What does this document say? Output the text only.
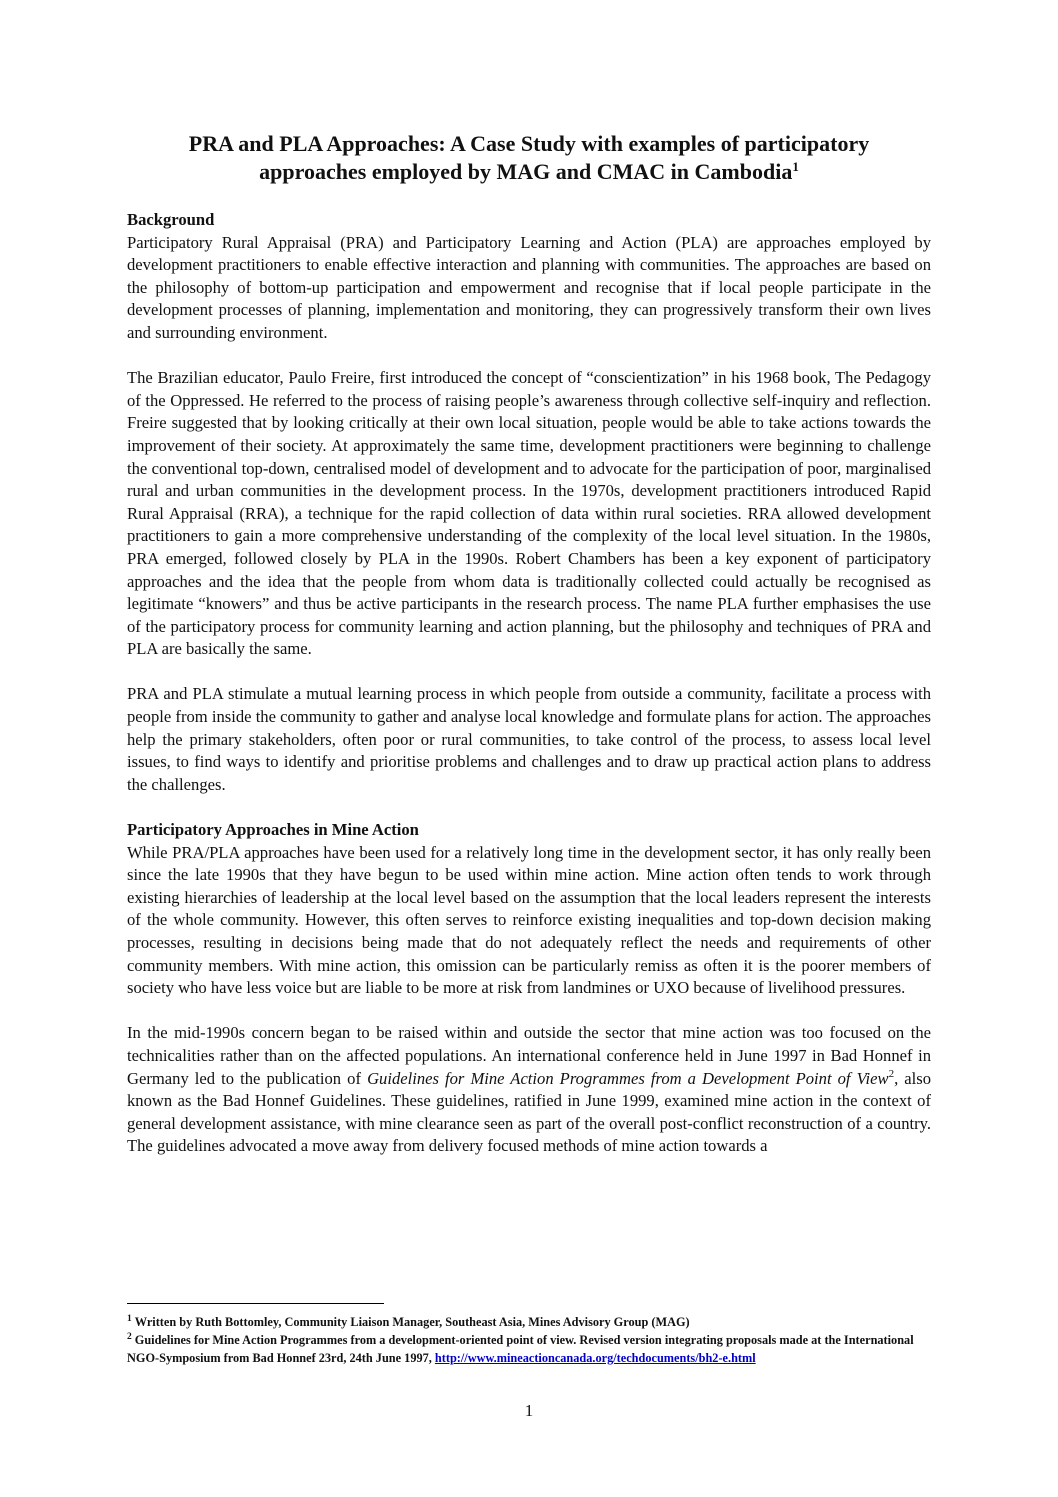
PRA and PLA Approaches: A Case Study with examples of participatory
approaches employed by MAG and CMAC in Cambodia$^1$
Background

Participatory Rural Appraisal (PRA) and Participatory Learning and Action (PLA) are approaches employed by development practitioners to enable effective interaction and planning with communities. The approaches are based on the philosophy of bottom-up participation and empowerment and recognise that if local people participate in the development processes of planning, implementation and monitoring, they can progressively transform their own lives and surrounding environment.

The Brazilian educator, Paulo Freire, first introduced the concept of “conscientization” in his 1968 book, The Pedagogy of the Oppressed. He referred to the process of raising people’s awareness through collective self-inquiry and reflection. Freire suggested that by looking critically at their own local situation, people would be able to take actions towards the improvement of their society. At approximately the same time, development practitioners were beginning to challenge the conventional top-down, centralised model of development and to advocate for the participation of poor, marginalised rural and urban communities in the development process. In the 1970s, development practitioners introduced Rapid Rural Appraisal (RRA), a technique for the rapid collection of data within rural societies. RRA allowed development practitioners to gain a more comprehensive understanding of the complexity of the local level situation. In the 1980s, PRA emerged, followed closely by PLA in the 1990s. Robert Chambers has been a key exponent of participatory approaches and the idea that the people from whom data is traditionally collected could actually be recognised as legitimate “knowers” and thus be active participants in the research process. The name PLA further emphasises the use of the participatory process for community learning and action planning, but the philosophy and techniques of PRA and PLA are basically the same.

PRA and PLA stimulate a mutual learning process in which people from outside a community, facilitate a process with people from inside the community to gather and analyse local knowledge and formulate plans for action. The approaches help the primary stakeholders, often poor or rural communities, to take control of the process, to assess local level issues, to find ways to identify and prioritise problems and challenges and to draw up practical action plans to address the challenges.

Participatory Approaches in Mine Action

While PRA/PLA approaches have been used for a relatively long time in the development sector, it has only really been since the late 1990s that they have begun to be used within mine action. Mine action often tends to work through existing hierarchies of leadership at the local level based on the assumption that the local leaders represent the interests of the whole community. However, this often serves to reinforce existing inequalities and top-down decision making processes, resulting in decisions being made that do not adequately reflect the needs and requirements of other community members. With mine action, this omission can be particularly remiss as often it is the poorer members of society who have less voice but are liable to be more at risk from landmines or UXO because of livelihood pressures.

In the mid-1990s concern began to be raised within and outside the sector that mine action was too focused on the technicalities rather than on the affected populations. An international conference held in June 1997 in Bad Honnef in Germany led to the publication of Guidelines for Mine Action Programmes from a Development Point of View$^2$, also known as the Bad Honnef Guidelines. These guidelines, ratified in June 1999, examined mine action in the context of general development assistance, with mine clearance seen as part of the overall post-conflict reconstruction of a country. The guidelines advocated a move away from delivery focused methods of mine action towards a

$^1$ Written by Ruth Bottomley, Community Liaison Manager, Southeast Asia, Mines Advisory Group (MAG)
$^2$ Guidelines for Mine Action Programmes from a development-oriented point of view. Revised version integrating proposals made at the International NGO-Symposium from Bad Honnef 23rd, 24th June 1997, http://www.mineactioncanada.org/techdocuments/bh2-e.html
1
